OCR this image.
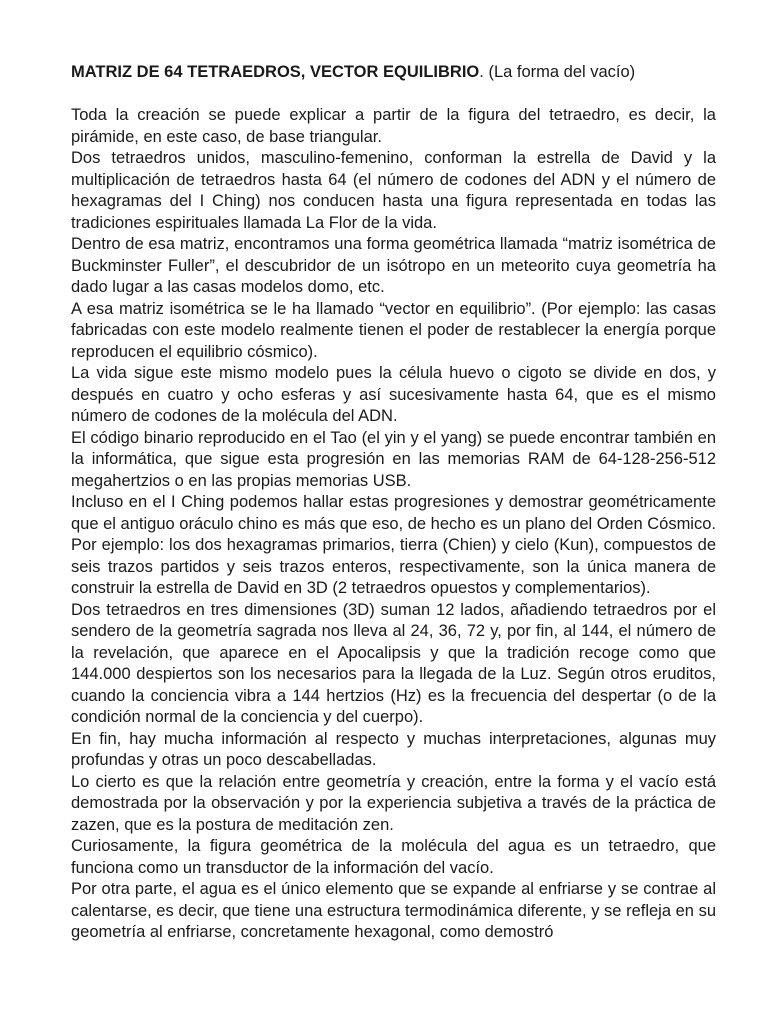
MATRIZ DE 64 TETRAEDROS, VECTOR EQUILIBRIO. (La forma del vacío)

Toda la creación se puede explicar a partir de la figura del tetraedro, es decir, la pirámide, en este caso, de base triangular.

Dos tetraedros unidos, masculino-femenino, conforman la estrella de David y la multiplicación de tetraedros hasta 64 (el número de codones del ADN y el número de hexagramas del I Ching) nos conducen hasta una figura representada en todas las tradiciones espirituales llamada La Flor de la vida.

Dentro de esa matriz, encontramos una forma geométrica llamada “matriz isométrica de Buckminster Fuller”, el descubridor de un isótropo en un meteorito cuya geometría ha dado lugar a las casas modelos domo, etc.

A esa matriz isométrica se le ha llamado “vector en equilibrio”. (Por ejemplo: las casas fabricadas con este modelo realmente tienen el poder de restablecer la energía porque reproducen el equilibrio cósmico).

La vida sigue este mismo modelo pues la célula huevo o cigoto se divide en dos, y después en cuatro y ocho esferas y así sucesivamente hasta 64, que es el mismo número de codones de la molécula del ADN.

El código binario reproducido en el Tao (el yin y el yang) se puede encontrar también en la informática, que sigue esta progresión en las memorias RAM de 64-128-256-512 megahertzios o en las propias memorias USB.

Incluso en el I Ching podemos hallar estas progresiones y demostrar geométricamente que el antiguo oráculo chino es más que eso, de hecho es un plano del Orden Cósmico. Por ejemplo: los dos hexagramas primarios, tierra (Chien) y cielo (Kun), compuestos de seis trazos partidos y seis trazos enteros, respectivamente, son la única manera de construir la estrella de David en 3D (2 tetraedros opuestos y complementarios).

Dos tetraedros en tres dimensiones (3D) suman 12 lados, añadiendo tetraedros por el sendero de la geometría sagrada nos lleva al 24, 36, 72 y, por fin, al 144, el número de la revelación, que aparece en el Apocalipsis y que la tradición recoge como que 144.000 despiertos son los necesarios para la llegada de la Luz. Según otros eruditos, cuando la conciencia vibra a 144 hertzios (Hz) es la frecuencia del despertar (o de la condición normal de la conciencia y del cuerpo).

En fin, hay mucha información al respecto y muchas interpretaciones, algunas muy profundas y otras un poco descabelladas.

Lo cierto es que la relación entre geometría y creación, entre la forma y el vacío está demostrada por la observación y por la experiencia subjetiva a través de la práctica de zazen, que es la postura de meditación zen.

Curiosamente, la figura geométrica de la molécula del agua es un tetraedro, que funciona como un transductor de la información del vacío.

Por otra parte, el agua es el único elemento que se expande al enfriarse y se contrae al calentarse, es decir, que tiene una estructura termodinámica diferente, y se refleja en su geometría al enfriarse, concretamente hexagonal, como demostró
